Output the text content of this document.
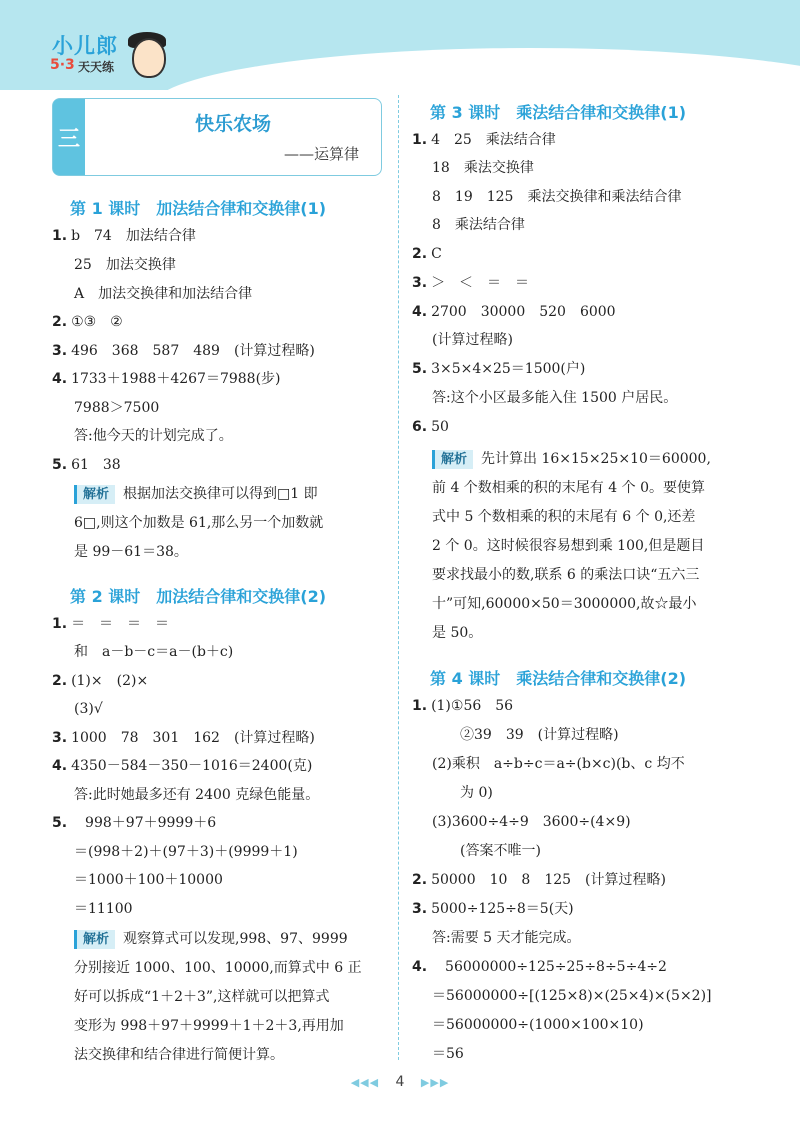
小儿郎
5·3 天天练
三
快乐农场
——运算律
第 1 课时　加法结合律和交换律(1)
1. b　74　加法结合律
25　加法交换律
A　加法交换律和加法结合律
2. ①③　②
3. 496　368　587　489　(计算过程略)
4. 1733＋1988＋4267＝7988(步)
7988＞7500
答:他今天的计划完成了。
5. 61　38
解析 根据加法交换律可以得到□1 即
6□,则这个加数是 61,那么另一个加数就
是 99－61＝38。
第 2 课时　加法结合律和交换律(2)
1. ＝　＝　＝　＝
和　a－b－c＝a－(b＋c)
2. (1)×　(2)×
(3)√
3. 1000　78　301　162　(计算过程略)
4. 4350－584－350－1016＝2400(克)
答:此时她最多还有 2400 克绿色能量。
5.　998＋97＋9999＋6
＝(998＋2)＋(97＋3)＋(9999＋1)
＝1000＋100＋10000
＝11100
解析 观察算式可以发现,998、97、9999
分别接近 1000、100、10000,而算式中 6 正
好可以拆成“1＋2＋3”,这样就可以把算式
变形为 998＋97＋9999＋1＋2＋3,再用加
法交换律和结合律进行简便计算。
第 3 课时　乘法结合律和交换律(1)
1. 4　25　乘法结合律
18　乘法交换律
8　19　125　乘法交换律和乘法结合律
8　乘法结合律
2. C
3. ＞　＜　＝　＝
4. 2700　30000　520　6000
(计算过程略)
5. 3×5×4×25＝1500(户)
答:这个小区最多能入住 1500 户居民。
6. 50
解析 先计算出 16×15×25×10＝60000,
前 4 个数相乘的积的末尾有 4 个 0。要使算
式中 5 个数相乘的积的末尾有 6 个 0,还差
2 个 0。这时候很容易想到乘 100,但是题目
要求找最小的数,联系 6 的乘法口诀“五六三
十”可知,60000×50＝3000000,故☆最小
是 50。
第 4 课时　乘法结合律和交换律(2)
1. (1)①56　56
　　②39　39　(计算过程略)
(2)乘积　a÷b÷c＝a÷(b×c)(b、c 均不
　　为 0)
(3)3600÷4÷9　3600÷(4×9)
　　(答案不唯一)
2. 50000　10　8　125　(计算过程略)
3. 5000÷125÷8＝5(天)
答:需要 5 天才能完成。
4.　56000000÷125÷25÷8÷5÷4÷2
＝56000000÷[(125×8)×(25×4)×(5×2)]
＝56000000÷(1000×100×10)
＝56
◀◀◀ 4 ▶▶▶
